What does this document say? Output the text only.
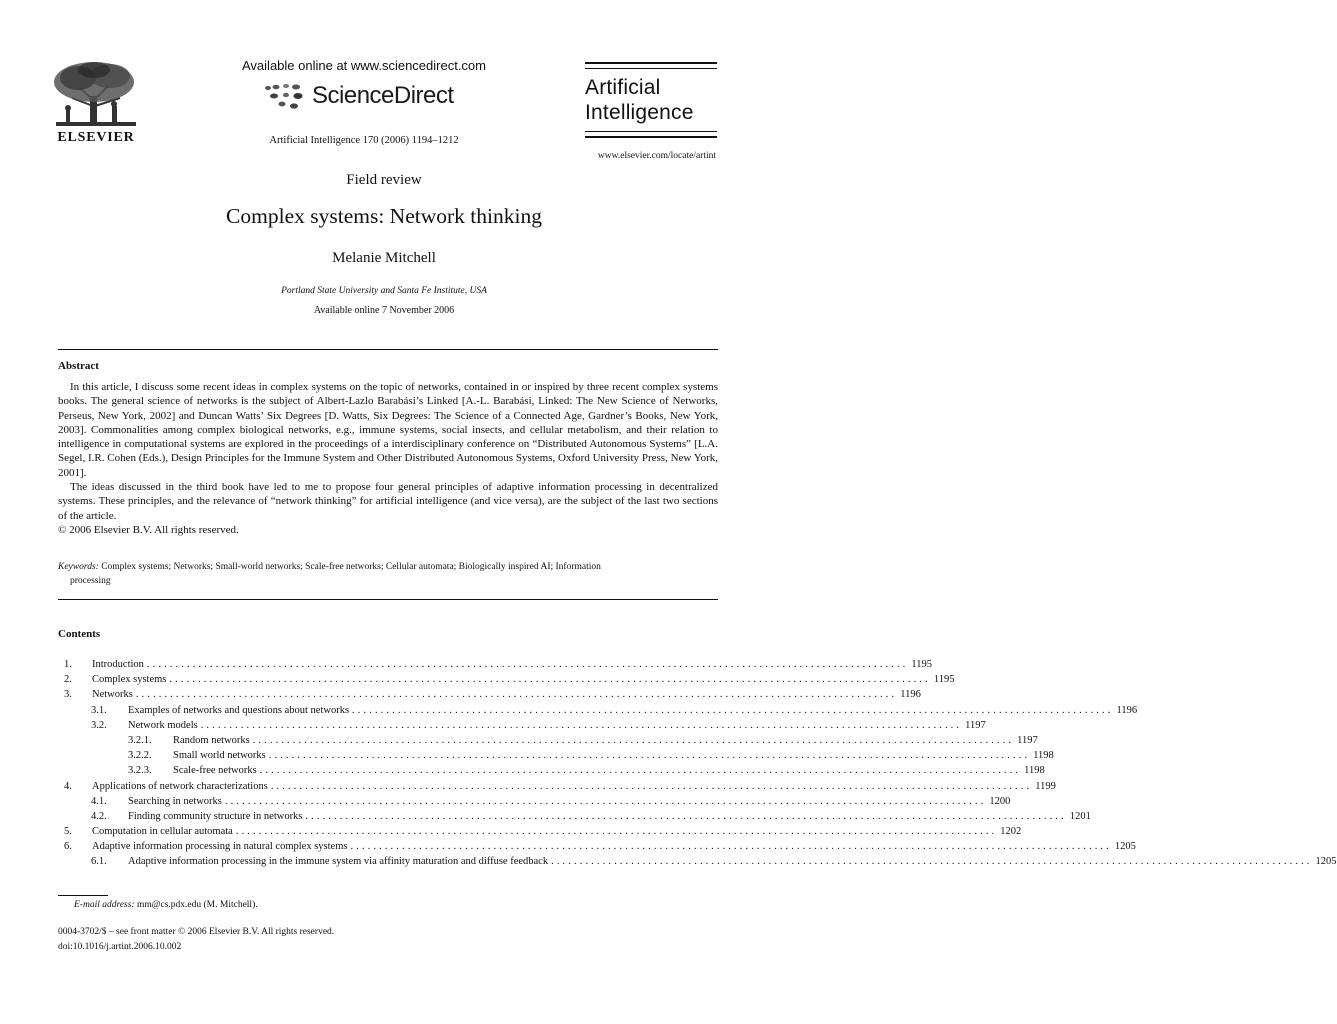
ELSEVIER
Available online at www.sciencedirect.com
ScienceDirect
Artificial Intelligence 170 (2006) 1194–1212
Artificial
Intelligence
www.elsevier.com/locate/artint
Field review
Complex systems: Network thinking
Melanie Mitchell
Portland State University and Santa Fe Institute, USA
Available online 7 November 2006
Abstract

In this article, I discuss some recent ideas in complex systems on the topic of networks, contained in or inspired by three recent complex systems books. The general science of networks is the subject of Albert-Lazlo Barabási’s Linked [A.-L. Barabási, Linked: The New Science of Networks, Perseus, New York, 2002] and Duncan Watts’ Six Degrees [D. Watts, Six Degrees: The Science of a Connected Age, Gardner’s Books, New York, 2003]. Commonalities among complex biological networks, e.g., immune systems, social insects, and cellular metabolism, and their relation to intelligence in computational systems are explored in the proceedings of a interdisciplinary conference on “Distributed Autonomous Systems” [L.A. Segel, I.R. Cohen (Eds.), Design Principles for the Immune System and Other Distributed Autonomous Systems, Oxford University Press, New York, 2001].

The ideas discussed in the third book have led to me to propose four general principles of adaptive information processing in decentralized systems. These principles, and the relevance of “network thinking” for artificial intelligence (and vice versa), are the subject of the last two sections of the article.

© 2006 Elsevier B.V. All rights reserved.

Keywords: Complex systems; Networks; Small-world networks; Scale-free networks; Cellular automata; Biologically inspired AI; Information
processing
Contents
1.	Introduction ..................................................................................................................................... 1195
2.	Complex systems ..................................................................................................................................... 1195
3.	Networks ..................................................................................................................................... 1196
3.1.	Examples of networks and questions about networks ..................................................................................................................................... 1196
3.2.	Network models ..................................................................................................................................... 1197
3.2.1.	Random networks ..................................................................................................................................... 1197
3.2.2.	Small world networks ..................................................................................................................................... 1198
3.2.3.	Scale-free networks ..................................................................................................................................... 1198
4.	Applications of network characterizations ..................................................................................................................................... 1199
4.1.	Searching in networks ..................................................................................................................................... 1200
4.2.	Finding community structure in networks ..................................................................................................................................... 1201
5.	Computation in cellular automata ..................................................................................................................................... 1202
6.	Adaptive information processing in natural complex systems ..................................................................................................................................... 1205
6.1.	Adaptive information processing in the immune system via affinity maturation and diffuse feedback ..................................................................................................................................... 1205
E-mail address: mm@cs.pdx.edu (M. Mitchell).
0004-3702/$ – see front matter © 2006 Elsevier B.V. All rights reserved.
doi:10.1016/j.artint.2006.10.002
